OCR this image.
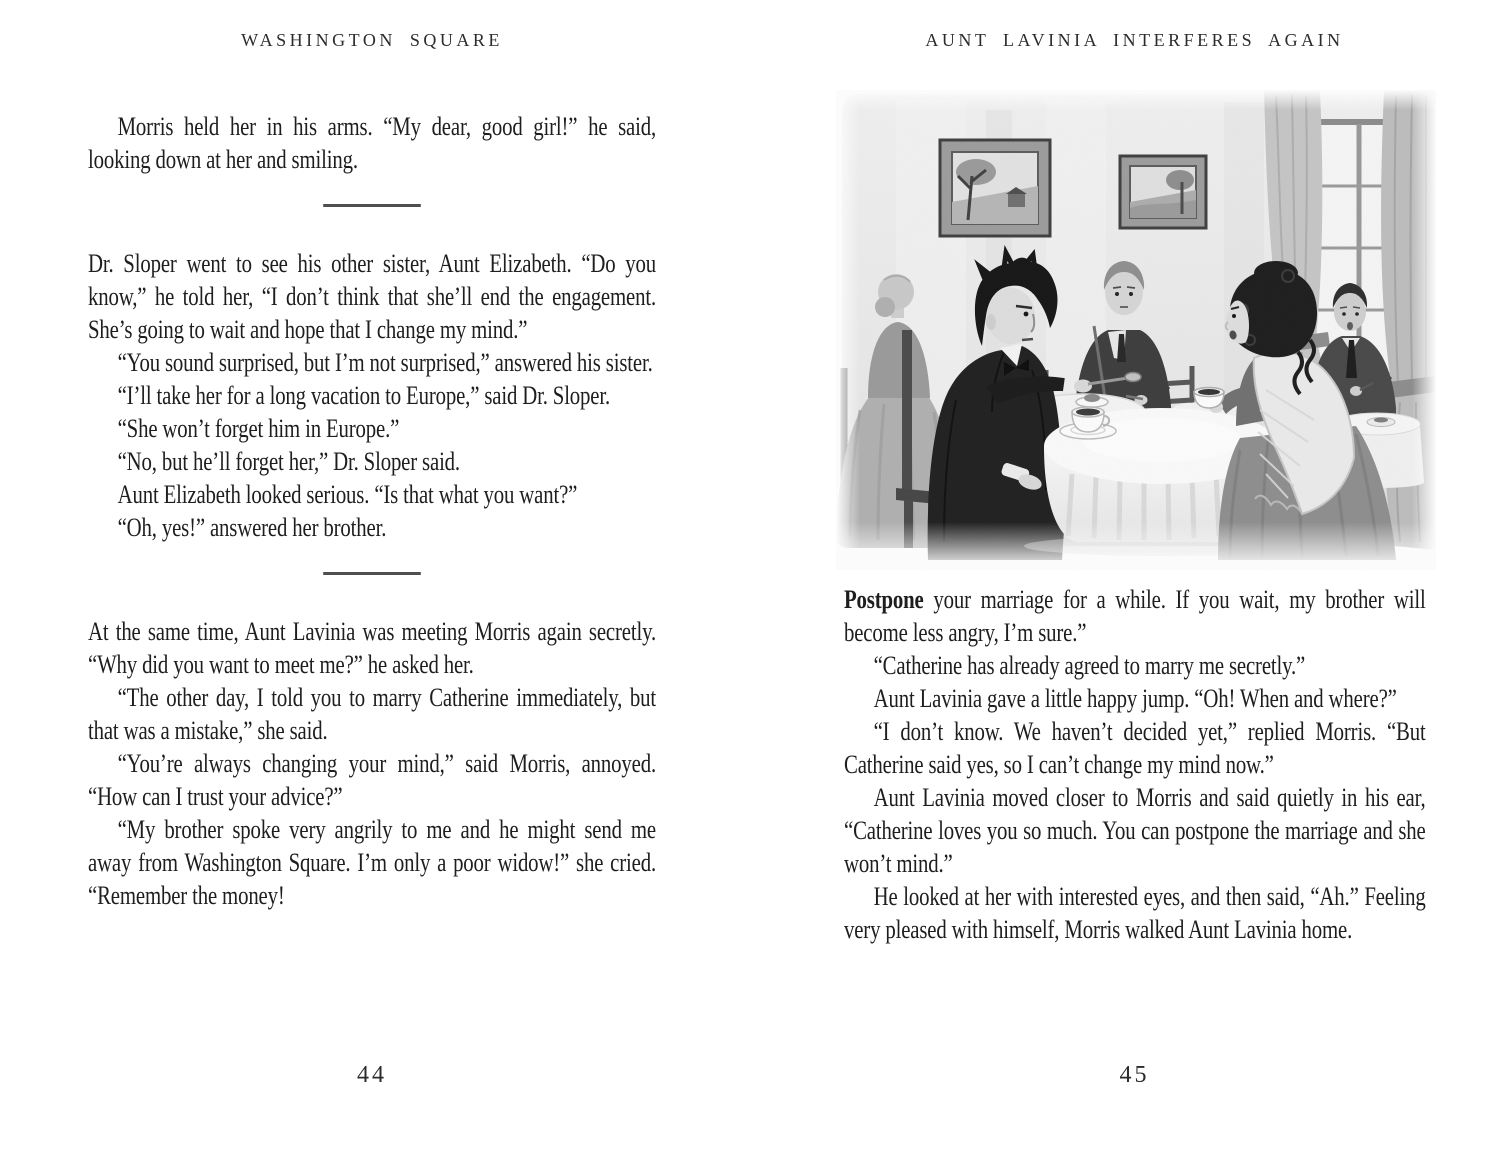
WASHINGTON SQUARE

Morris held her in his arms. “My dear, good girl!” he said, looking down at her and smiling.

Dr. Sloper went to see his other sister, Aunt Elizabeth. “Do you know,” he told her, “I don’t think that she’ll end the engagement. She’s going to wait and hope that I change my mind.”

“You sound surprised, but I’m not surprised,” answered his sister.

“I’ll take her for a long vacation to Europe,” said Dr. Sloper.

“She won’t forget him in Europe.”

“No, but he’ll forget her,” Dr. Sloper said.

Aunt Elizabeth looked serious. “Is that what you want?”

“Oh, yes!” answered her brother.

At the same time, Aunt Lavinia was meeting Morris again secretly. “Why did you want to meet me?” he asked her.

“The other day, I told you to marry Catherine immediately, but that was a mistake,” she said.

“You’re always changing your mind,” said Morris, annoyed. “How can I trust your advice?”

“My brother spoke very angrily to me and he might send me away from Washington Square. I’m only a poor widow!” she cried. “Remember the money!

44
AUNT LAVINIA INTERFERES AGAIN

Postpone your marriage for a while. If you wait, my brother will become less angry, I’m sure.”

“Catherine has already agreed to marry me secretly.”

Aunt Lavinia gave a little happy jump. “Oh! When and where?”

“I don’t know. We haven’t decided yet,” replied Morris. “But Catherine said yes, so I can’t change my mind now.”

Aunt Lavinia moved closer to Morris and said quietly in his ear, “Catherine loves you so much. You can postpone the marriage and she won’t mind.”

He looked at her with interested eyes, and then said, “Ah.” Feeling very pleased with himself, Morris walked Aunt Lavinia home.

45
